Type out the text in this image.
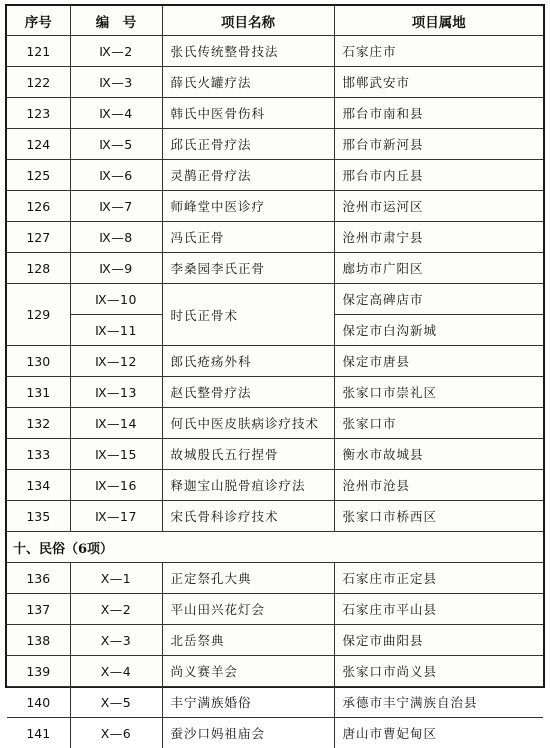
序号	编　号	项目名称	项目属地
121	Ⅸ—2	张氏传统整骨技法	石家庄市
122	Ⅸ—3	薛氏火罐疗法	邯郸武安市
123	Ⅸ—4	韩氏中医骨伤科	邢台市南和县
124	Ⅸ—5	邱氏正骨疗法	邢台市新河县
125	Ⅸ—6	灵鹊正骨疗法	邢台市内丘县
126	Ⅸ—7	师峰堂中医诊疗	沧州市运河区
127	Ⅸ—8	冯氏正骨	沧州市肃宁县
128	Ⅸ—9	李桑园李氏正骨	廊坊市广阳区
129	Ⅸ—10	时氏正骨术	保定高碑店市
	Ⅸ—11		保定市白沟新城
130	Ⅸ—12	郎氏疮疡外科	保定市唐县
131	Ⅸ—13	赵氏整骨疗法	张家口市崇礼区
132	Ⅸ—14	何氏中医皮肤病诊疗技术	张家口市
133	Ⅸ—15	故城殷氏五行捏骨	衡水市故城县
134	Ⅸ—16	释迦宝山脱骨疽诊疗法	沧州市沧县
135	Ⅸ—17	宋氏骨科诊疗技术	张家口市桥西区
十、民俗（6项）			
136	Ⅹ—1	正定祭孔大典	石家庄市正定县
137	Ⅹ—2	平山田兴花灯会	石家庄市平山县
138	Ⅹ—3	北岳祭典	保定市曲阳县
139	Ⅹ—4	尚义赛羊会	张家口市尚义县
140	Ⅹ—5	丰宁满族婚俗	承德市丰宁满族自治县
141	Ⅹ—6	蚕沙口妈祖庙会	唐山市曹妃甸区
